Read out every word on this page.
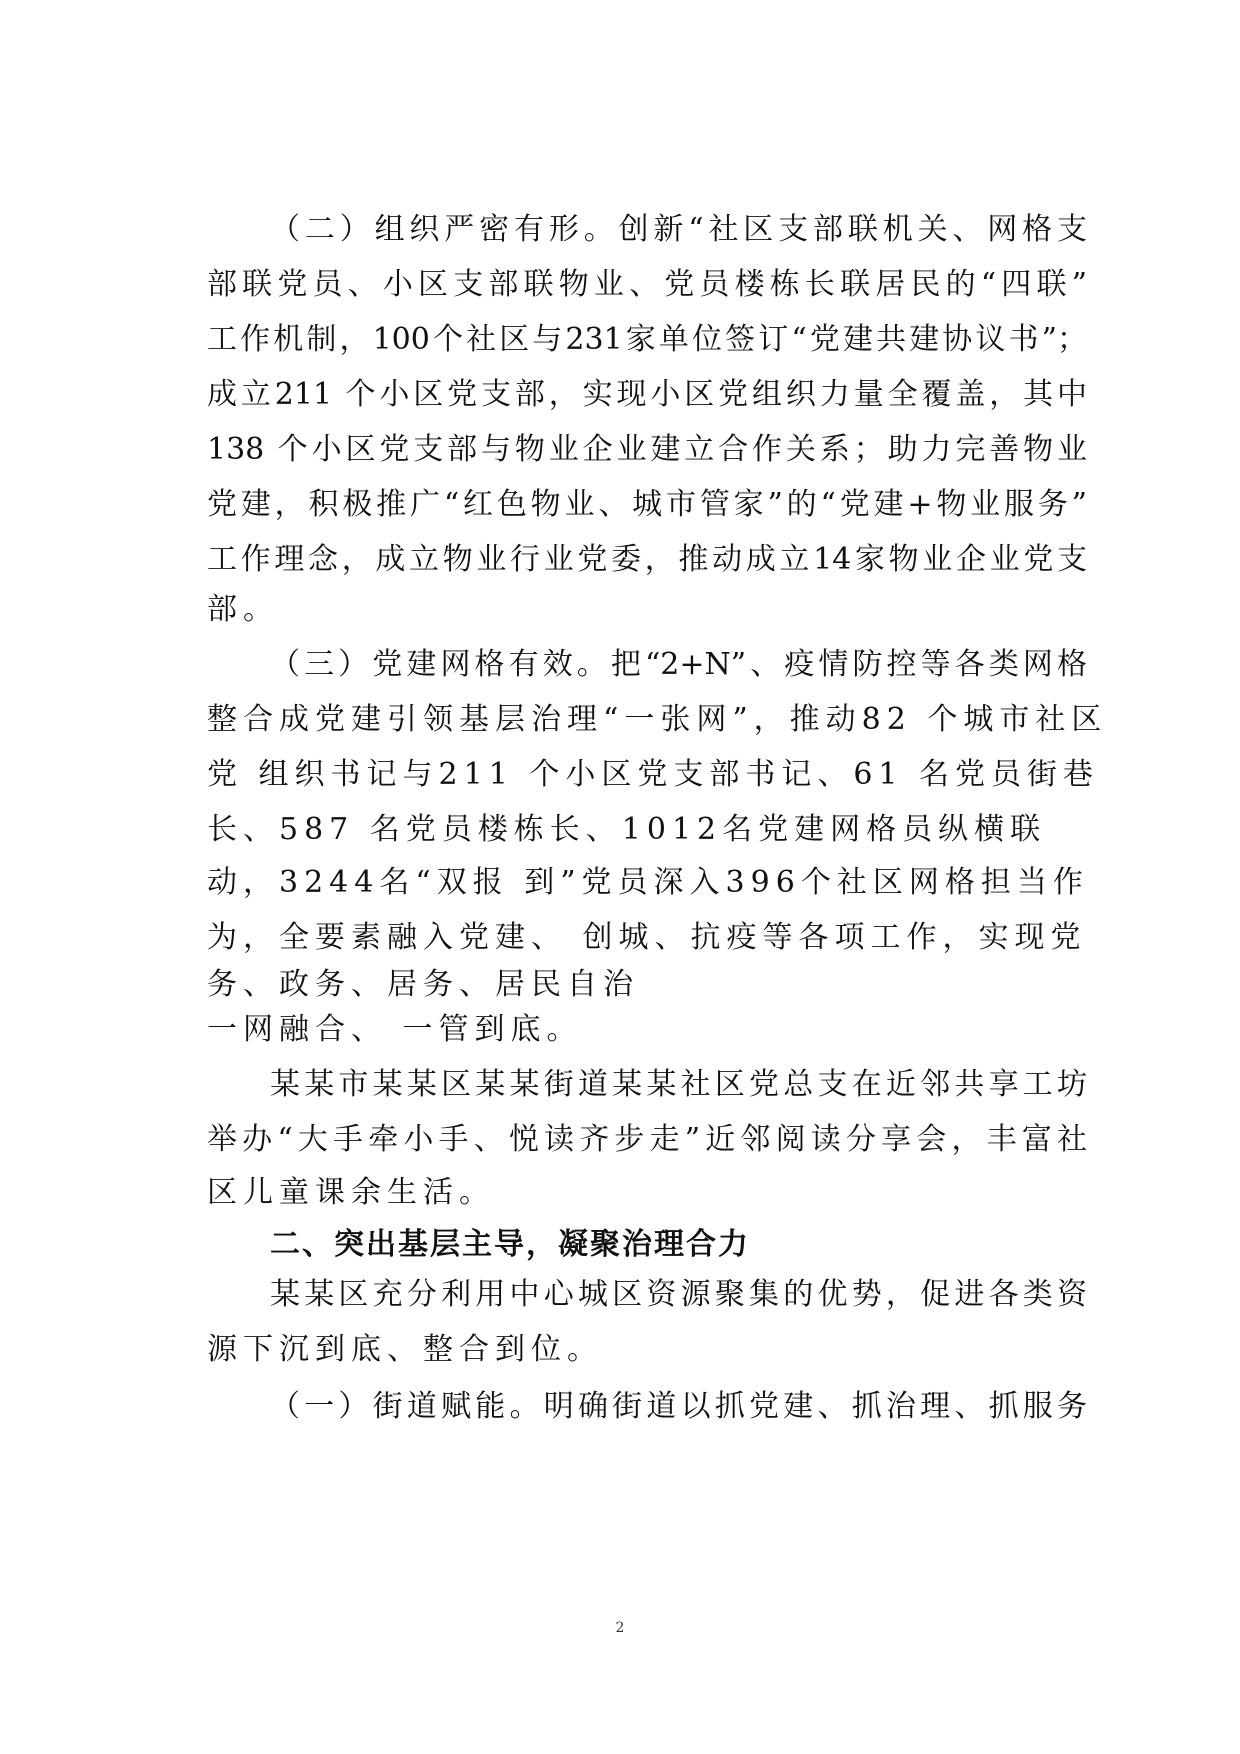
（二）组织严密有形。创新“社区支部联机关、网格支
部联党员、小区支部联物业、党员楼栋长联居民的“四联”
工作机制，100个社区与231家单位签订“党建共建协议书”；
成立211 个小区党支部，实现小区党组织力量全覆盖，其中
138 个小区党支部与物业企业建立合作关系；助力完善物业
党建，积极推广“红色物业、城市管家”的“党建+物业服务”
工作理念，成立物业行业党委，推动成立14家物业企业党支
部。
（三）党建网格有效。把“2+N”、疫情防控等各类网格
整合成党建引领基层治理“一张网”，推动82 个城市社区
党 组织书记与211 个小区党支部书记、61 名党员街巷
长、587 名党员楼栋长、1012名党建网格员纵横联
动，3244名“双报 到”党员深入396个社区网格担当作
为，全要素融入党建、 创城、抗疫等各项工作，实现党
务、政务、居务、居民自治
一网融合、 一管到底。
某某市某某区某某街道某某社区党总支在近邻共享工坊
举办“大手牵小手、悦读齐步走”近邻阅读分享会，丰富社
区儿童课余生活。
二、突出基层主导，凝聚治理合力
某某区充分利用中心城区资源聚集的优势，促进各类资
源下沉到底、整合到位。
（一）街道赋能。明确街道以抓党建、抓治理、抓服务
2
